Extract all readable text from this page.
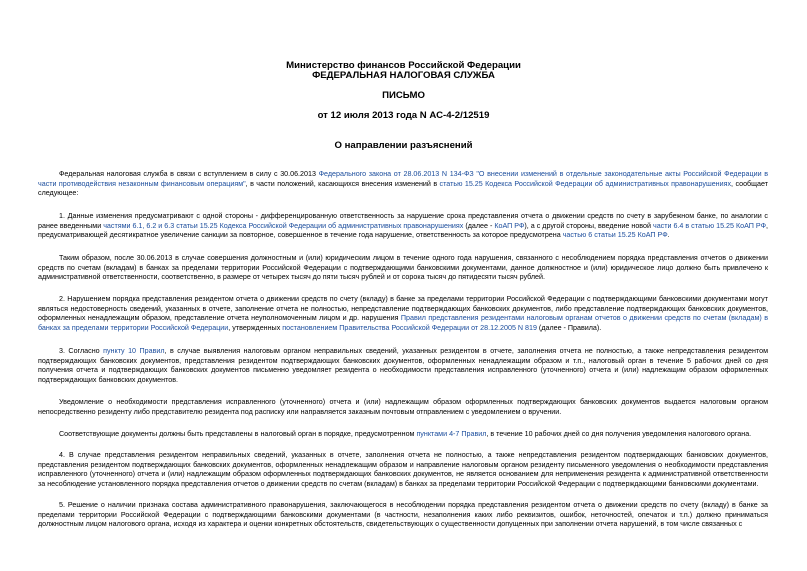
Министерство финансов Российской Федерации
ФЕДЕРАЛЬНАЯ НАЛОГОВАЯ СЛУЖБА
ПИСЬМО
от 12 июля 2013 года N АС-4-2/12519
О направлении разъяснений
Федеральная налоговая служба в связи с вступлением в силу с 30.06.2013 Федерального закона от 28.06.2013 N 134-ФЗ "О внесении изменений в отдельные законодательные акты Российской Федерации в части противодействия незаконным финансовым операциям", в части положений, касающихся внесения изменений в статью 15.25 Кодекса Российской Федерации об административных правонарушениях, сообщает следующее:
1. Данные изменения предусматривают с одной стороны - дифференцированную ответственность за нарушение срока представления отчета о движении средств по счету в зарубежном банке, по аналогии с ранее введенными частями 6.1, 6.2 и 6.3 статьи 15.25 Кодекса Российской Федерации об административных правонарушениях (далее - КоАП РФ), а с другой стороны, введение новой части 6.4 в статью 15.25 КоАП РФ, предусматривающей десятикратное увеличение санкции за повторное, совершенное в течение года нарушение, ответственность за которое предусмотрена частью 6 статьи 15.25 КоАП РФ.
Таким образом, после 30.06.2013 в случае совершения должностным и (или) юридическим лицом в течение одного года нарушения, связанного с несоблюдением порядка представления отчетов о движении средств по счетам (вкладам) в банках за пределами территории Российской Федерации с подтверждающими банковскими документами, данное должностное и (или) юридическое лицо должно быть привлечено к административной ответственности, соответственно, в размере от четырех тысяч до пяти тысяч рублей и от сорока тысяч до пятидесяти тысяч рублей.
2. Нарушением порядка представления резидентом отчета о движении средств по счету (вкладу) в банке за пределами территории Российской Федерации с подтверждающими банковскими документами могут являться недостоверность сведений, указанных в отчете, заполнение отчета не полностью, непредставление подтверждающих банковских документов, либо представление подтверждающих банковских документов, оформленных ненадлежащим образом, представление отчета неуполномоченным лицом и др. нарушения Правил представления резидентами налоговым органам отчетов о движении средств по счетам (вкладам) в банках за пределами территории Российской Федерации, утвержденных постановлением Правительства Российской Федерации от 28.12.2005 N 819 (далее - Правила).
3. Согласно пункту 10 Правил, в случае выявления налоговым органом неправильных сведений, указанных резидентом в отчете, заполнения отчета не полностью, а также непредставления резидентом подтверждающих банковских документов, представления резидентом подтверждающих банковских документов, оформленных ненадлежащим образом и т.п., налоговый орган в течение 5 рабочих дней со дня получения отчета и подтверждающих банковских документов письменно уведомляет резидента о необходимости представления исправленного (уточненного) отчета и (или) надлежащим образом оформленных подтверждающих банковских документов.
Уведомление о необходимости представления исправленного (уточненного) отчета и (или) надлежащим образом оформленных подтверждающих банковских документов выдается налоговым органом непосредственно резиденту либо представителю резидента под расписку или направляется заказным почтовым отправлением с уведомлением о вручении.
Соответствующие документы должны быть представлены в налоговый орган в порядке, предусмотренном пунктами 4-7 Правил, в течение 10 рабочих дней со дня получения уведомления налогового органа.
4. В случае представления резидентом неправильных сведений, указанных в отчете, заполнения отчета не полностью, а также непредставления резидентом подтверждающих банковских документов, представления резидентом подтверждающих банковских документов, оформленных ненадлежащим образом и направление налоговым органом резиденту письменного уведомления о необходимости представления исправленного (уточненного) отчета и (или) надлежащим образом оформленных подтверждающих банковских документов, не является основанием для неприменения резидента к административной ответственности за несоблюдение установленного порядка представления отчетов о движении средств по счетам (вкладам) в банках за пределами территории Российской Федерации с подтверждающими банковскими документами.
5. Решение о наличии признака состава административного правонарушения, заключающегося в несоблюдении порядка представления резидентом отчета о движении средств по счету (вкладу) в банке за пределами территории Российской Федерации с подтверждающими банковскими документами (в частности, незаполнения каких либо реквизитов, ошибок, неточностей, опечаток и т.п.) должно приниматься должностным лицом налогового органа, исходя из характера и оценки конкретных обстоятельств, свидетельствующих о существенности допущенных при заполнении отчета нарушений, в том числе связанных с
